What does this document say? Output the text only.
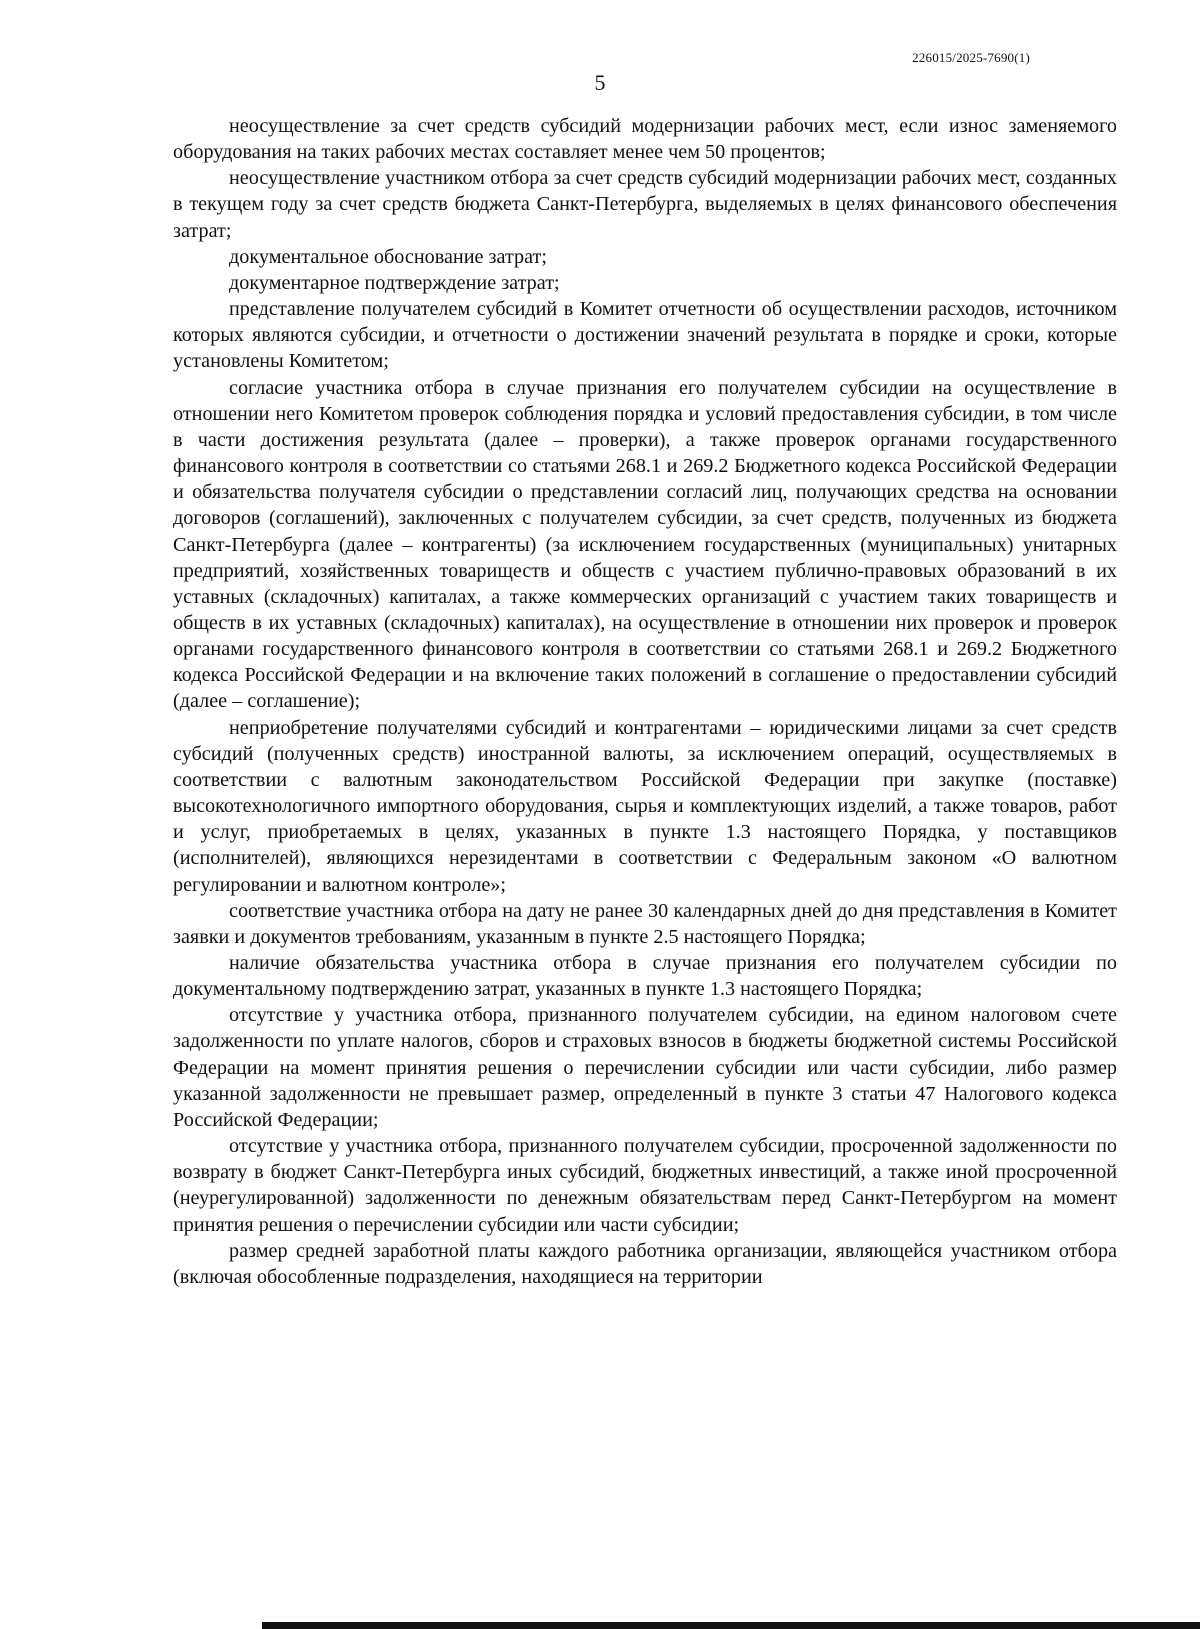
226015/2025-7690(1)
5

неосуществление за счет средств субсидий модернизации рабочих мест, если износ заменяемого оборудования на таких рабочих местах составляет менее чем 50 процентов;

неосуществление участником отбора за счет средств субсидий модернизации рабочих мест, созданных в текущем году за счет средств бюджета Санкт-Петербурга, выделяемых в целях финансового обеспечения затрат;

документальное обоснование затрат;

документарное подтверждение затрат;

представление получателем субсидий в Комитет отчетности об осуществлении расходов, источником которых являются субсидии, и отчетности о достижении значений результата в порядке и сроки, которые установлены Комитетом;

согласие участника отбора в случае признания его получателем субсидии на осуществление в отношении него Комитетом проверок соблюдения порядка и условий предоставления субсидии, в том числе в части достижения результата (далее – проверки), а также проверок органами государственного финансового контроля в соответствии со статьями 268.1 и 269.2 Бюджетного кодекса Российской Федерации и обязательства получателя субсидии о представлении согласий лиц, получающих средства на основании договоров (соглашений), заключенных с получателем субсидии, за счет средств, полученных из бюджета Санкт-Петербурга (далее – контрагенты) (за исключением государственных (муниципальных) унитарных предприятий, хозяйственных товариществ и обществ с участием публично-правовых образований в их уставных (складочных) капиталах, а также коммерческих организаций с участием таких товариществ и обществ в их уставных (складочных) капиталах), на осуществление в отношении них проверок и проверок органами государственного финансового контроля в соответствии со статьями 268.1 и 269.2 Бюджетного кодекса Российской Федерации и на включение таких положений в соглашение о предоставлении субсидий (далее – соглашение);

неприобретение получателями субсидий и контрагентами – юридическими лицами за счет средств субсидий (полученных средств) иностранной валюты, за исключением операций, осуществляемых в соответствии с валютным законодательством Российской Федерации при закупке (поставке) высокотехнологичного импортного оборудования, сырья и комплектующих изделий, а также товаров, работ и услуг, приобретаемых в целях, указанных в пункте 1.3 настоящего Порядка, у поставщиков (исполнителей), являющихся нерезидентами в соответствии с Федеральным законом «О валютном регулировании и валютном контроле»;

соответствие участника отбора на дату не ранее 30 календарных дней до дня представления в Комитет заявки и документов требованиям, указанным в пункте 2.5 настоящего Порядка;

наличие обязательства участника отбора в случае признания его получателем субсидии по документальному подтверждению затрат, указанных в пункте 1.3 настоящего Порядка;

отсутствие у участника отбора, признанного получателем субсидии, на едином налоговом счете задолженности по уплате налогов, сборов и страховых взносов в бюджеты бюджетной системы Российской Федерации на момент принятия решения о перечислении субсидии или части субсидии, либо размер указанной задолженности не превышает размер, определенный в пункте 3 статьи 47 Налогового кодекса Российской Федерации;

отсутствие у участника отбора, признанного получателем субсидии, просроченной задолженности по возврату в бюджет Санкт-Петербурга иных субсидий, бюджетных инвестиций, а также иной просроченной (неурегулированной) задолженности по денежным обязательствам перед Санкт-Петербургом на момент принятия решения о перечислении субсидии или части субсидии;

размер средней заработной платы каждого работника организации, являющейся участником отбора (включая обособленные подразделения, находящиеся на территории
